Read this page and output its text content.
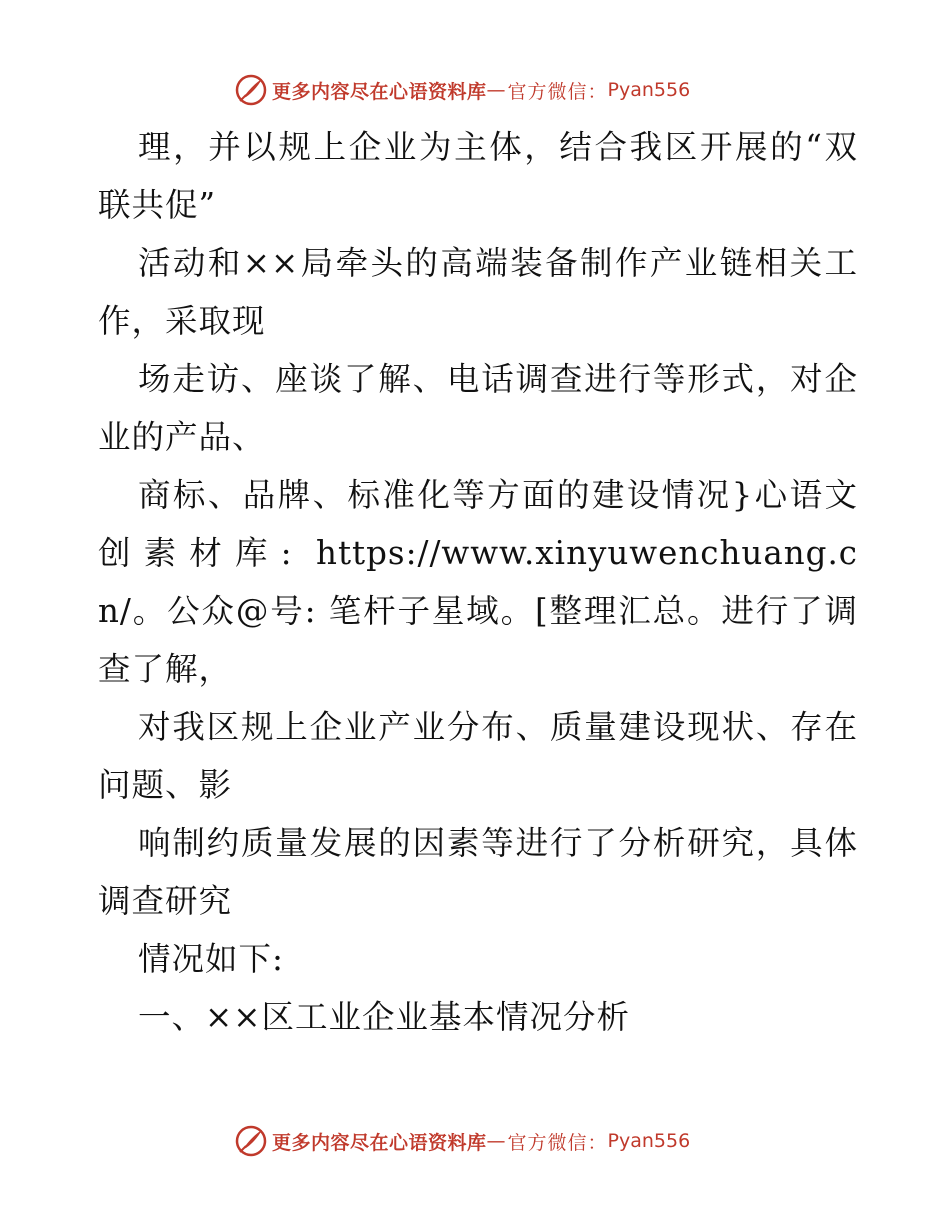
更多内容尽在心语资料库 — 官方微信： Pyan556

理，并以规上企业为主体，结合我区开展的“双联共促”

活动和××局牵头的高端装备制作产业链相关工作，采取现

场走访、座谈了解、电话调查进行等形式，对企业的产品、

商标、品牌、标准化等方面的建设情况}心语文创素材库: https://www.xinyuwenchuang.cn/。公众@号: 笔杆子星域。[整理汇总。进行了调查了解，

对我区规上企业产业分布、质量建设现状、存在问题、影

响制约质量发展的因素等进行了分析研究，具体调查研究

情况如下:

一、××区工业企业基本情况分析

更多内容尽在心语资料库 — 官方微信： Pyan556
